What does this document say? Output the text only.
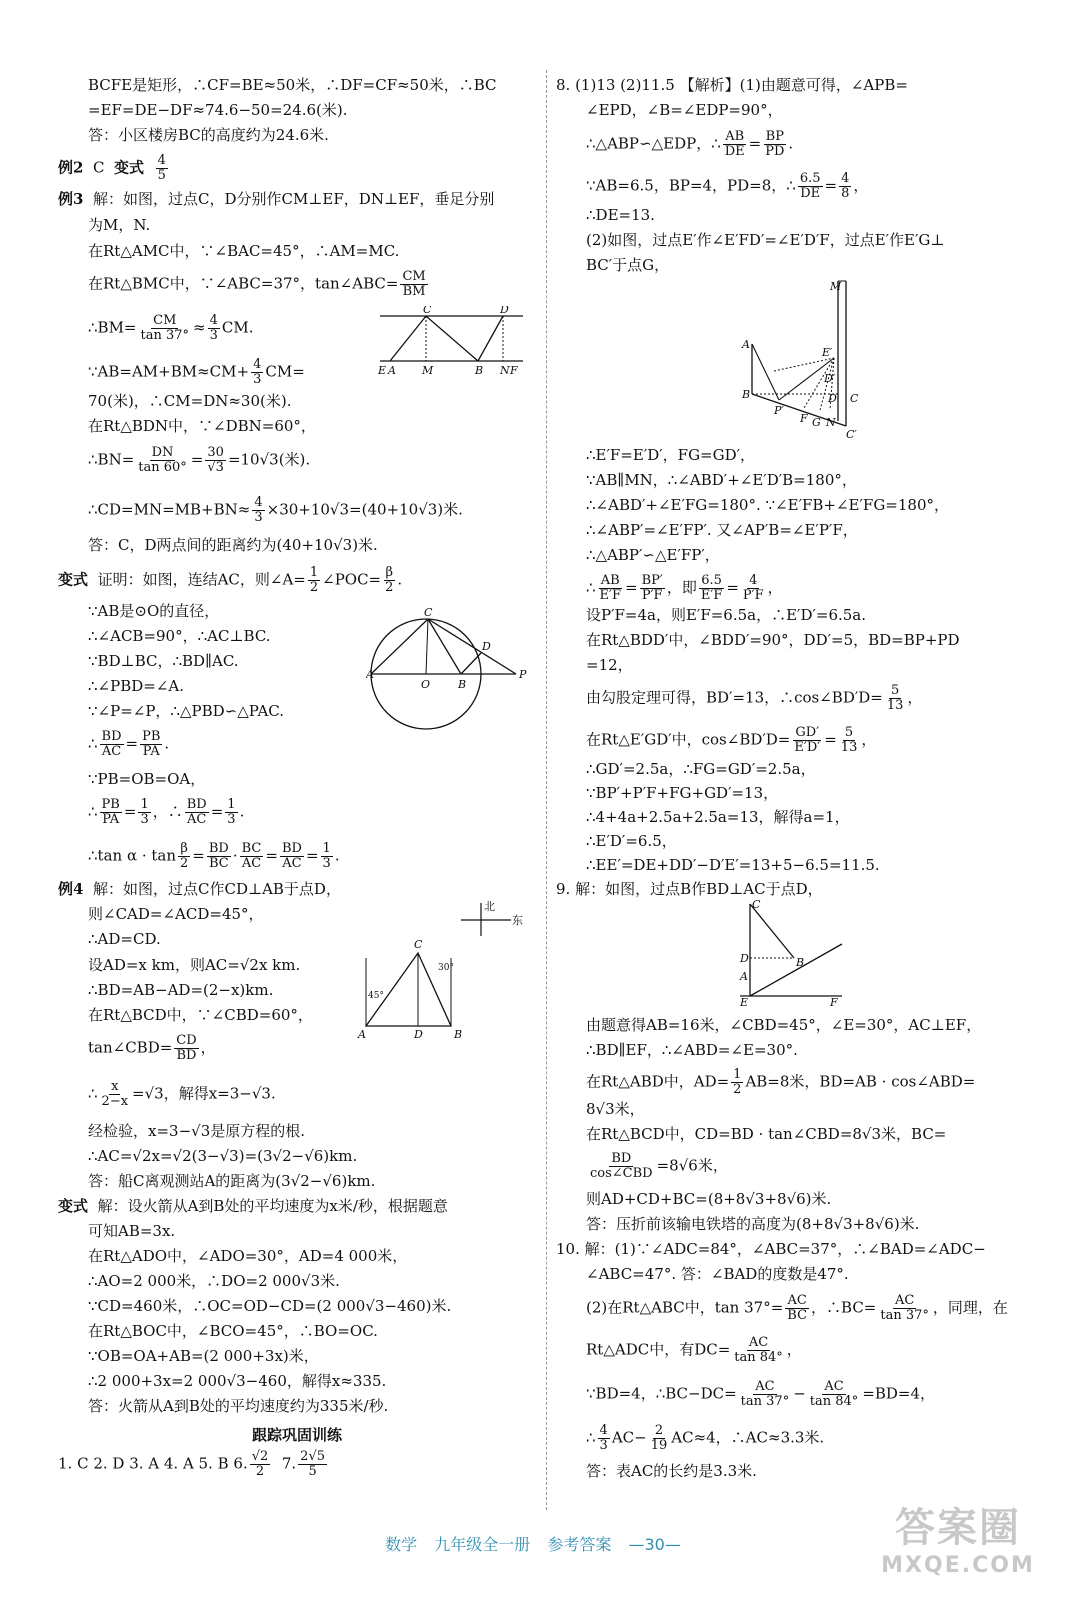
BCFE是矩形，∴CF=BE≈50米，∴DF=CF≈50米，∴BC
=EF=DE−DF≈74.6−50=24.6(米).
答：小区楼房BC的高度约为24.6米.
例2 C 变式 $\frac{4}{5}$
例3 解：如图，过点C，D分别作CM⊥EF，DN⊥EF，垂足分别
为M，N.
在Rt△AMC中，∵∠BAC=45°，∴AM=MC.
在Rt△BMC中，∵∠ABC=37°，tan∠ABC= $\frac{CM}{BM}$
∴BM= $\frac{CM}{\tan 37^\circ} \approx \frac{4}{3}$ CM.
∵AB=AM+BM≈CM+ $\frac{4}{3} CM=$
70(米)，∴CM=DN≈30(米).
在Rt△BDN中，∵∠DBN=60°，
∴BN= $\frac{DN}{\tan 60^\circ} = \frac{30}{√3} =10√3$(米).
∴CD=MN=MB+BN≈ $\frac{4}{3} \times 30+10√3=(40+10√3)$米.
答：C，D两点间的距离约为(40+10√3)米.
变式 证明：如图，连结AC，则∠A= $\frac{1}{2}$ ∠POC= $\frac{\beta}{2}$ .
∵AB是⊙O的直径，
∴∠ACB=90°，∴AC⊥BC.
∵BD⊥BC，∴BD∥AC.
∴∠PBD=∠A.
∵∠P=∠P，∴△PBD∽△PAC.
∴ $\frac{BD}{AC} = \frac{PB}{PA}$ .
∵PB=OB=OA，
∴ $\frac{PB}{PA} = \frac{1}{3}$ ，∴ $\frac{BD}{AC} = \frac{1}{3}$ .
∴tan $\alpha \cdot \tan \frac{\beta}{2} = \frac{BD}{BC} \cdot \frac{BC}{AC} = \frac{BD}{AC} = \frac{1}{3}$ .
例4 解：如图，过点C作CD⊥AB于点D，
则∠CAD=∠ACD=45°，
∴AD=CD.
设AD=x km，则AC=√2x km.
∴BD=AB−AD=(2−x)km.
在Rt△BCD中，∵∠CBD=60°，
tan∠CBD= $\frac{CD}{BD}$ ，
∴ $\frac{x}{2-x} =√3$，解得x=3−√3.
经检验，x=3−√3是原方程的根.
∴AC=√2x=√2(3−√3)=(3√2−√6)km.
答：船C离观测站A的距离为(3√2−√6)km.
变式 解：设火箭从A到B处的平均速度为x米/秒，根据题意
可知AB=3x.
在Rt△ADO中，∠ADO=30°，AD=4 000米，
∴AO=2 000米，∴DO=2 000√3米.
∵CD=460米，∴OC=OD−CD=(2 000√3−460)米.
在Rt△BOC中，∠BCO=45°，∴BO=OC.
∵OB=OA+AB=(2 000+3x)米，
∴2 000+3x=2 000√3−460，解得x≈335.
答：火箭从A到B处的平均速度约为335米/秒.
跟踪巩固训练
1. C 2. D 3. A 4. A 5. B 6. $\frac{√2}{2} 7$. $\frac{2√5}{5}$
E A M	B N F
C	D
A
O	B
P
C
D
北
东
A	D	B
C
45°
30°
8. (1)13 (2)11.5 【解析】(1)由题意可得，∠APB=
∠EPD，∠B=∠EDP=90°，
∴△ABP∽△EDP，∴ $\frac{AB}{DE} = \frac{BP}{PD}$ .
∵AB=6.5，BP=4，PD=8，∴ $\frac{6.5}{DE} = \frac{4}{8}$ ，
∴DE=13.
(2)如图，过点E′作∠E′FD′=∠E′D′F，过点E′作E′G⊥
BC′于点G，
M
A
B
P′
F G N
C
C′
E′
D′
D
∴E′F=E′D′，FG=GD′，
∵AB∥MN，∴∠ABD′+∠E′D′B=180°，
∴∠ABD′+∠E′FG=180°. ∵∠E′FB+∠E′FG=180°，
∴∠ABP′=∠E′FP′. 又∠AP′B=∠E′P′F，
∴△ABP′∽△E′FP′，
∴ $\frac{AB}{E'F} = \frac{BP'}{P'F}$ ，即 $\frac{6.5}{E'F} = \frac{4}{P'F}$ ，
设P′F=4a，则E′F=6.5a，∴E′D′=6.5a.
在Rt△BDD′中，∠BDD′=90°，DD′=5，BD=BP+PD
=12，
由勾股定理可得，BD′=13，∴cos∠BD′D= $\frac{5}{13}$ ，
在Rt△E′GD′中，cos∠BD′D= $\frac{GD'}{E'D'} = \frac{5}{13}$ ，
∴GD′=2.5a，∴FG=GD′=2.5a，
∵BP′+P′F+FG+GD′=13，
∴4+4a+2.5a+2.5a=13，解得a=1，
∴E′D′=6.5，
∴EE′=DE+DD′−D′E′=13+5−6.5=11.5.
9. 解：如图，过点B作BD⊥AC于点D，
C
D
A
B
E	F
由题意得AB=16米，∠CBD=45°，∠E=30°，AC⊥EF，
∴BD∥EF，∴∠ABD=∠E=30°.
在Rt△ABD中，$AD= \frac{1}{2} AB=8$米，BD=AB · cos∠ABD=
8√3米，
在Rt△BCD中，CD=BD · tan∠CBD=8√3米，BC=
$\frac{BD}{\text{cos∠CBD}} =8√6$米，
则AD+CD+BC=(8+8√3+8√6)米.
答：压折前该输电铁塔的高度为(8+8√3+8√6)米.
10. 解：(1)∵∠ADC=84°，∠ABC=37°，∴∠BAD=∠ADC−
∠ABC=47°. 答：∠BAD的度数是47°.
(2)在Rt△ABC中，$\tan 37^\circ= \frac{AC}{BC}$ ，∴BC= $\frac{AC}{\tan 37^\circ}$ ，同理，在
Rt△ADC中，有$DC= \frac{AC}{\tan 84^\circ}$ ，
∵BD=4，∴BC−DC= $\frac{AC}{\tan 37^\circ} - \frac{AC}{\tan 84^\circ} =BD=4$，
∴ $\frac{4}{3} AC- \frac{2}{19} AC\approx 4$，∴AC≈3.3米.
答：表AC的长约是3.3米.
数学 九年级全一册 参考答案 —30—	答案圈
MXQE.COM
